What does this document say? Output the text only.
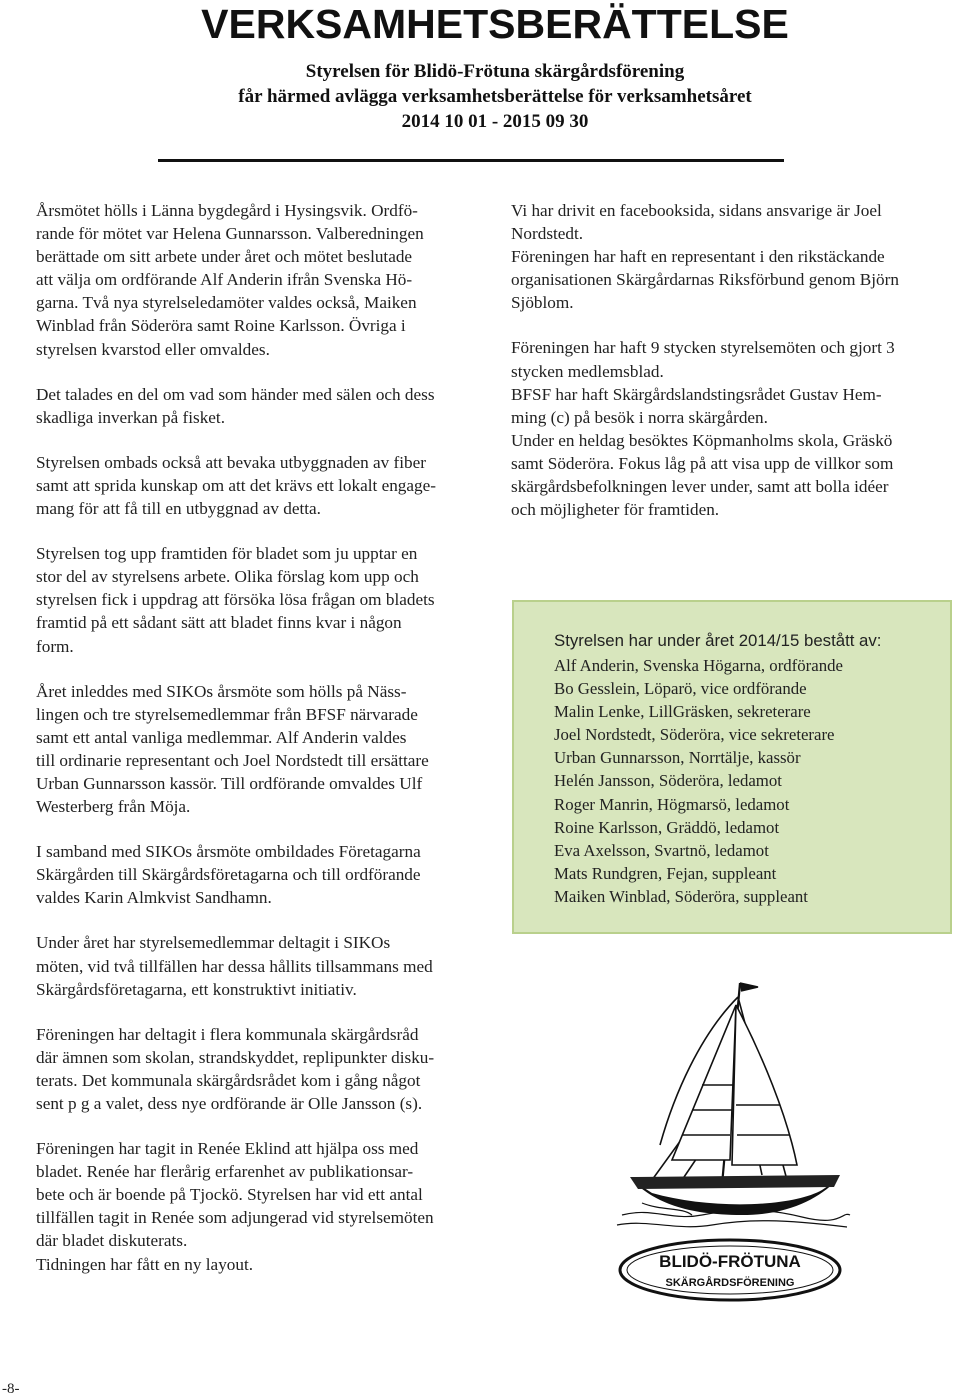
VERKSAMHETSBERÄTTELSE
Styrelsen för Blidö-Frötuna skärgårdsförening
får härmed avlägga verksamhetsberättelse för verksamhetsåret
2014 10 01 - 2015 09 30

Årsmötet hölls i Länna bygdegård i Hysingsvik. Ordfö-

rande för mötet var Helena Gunnarsson. Valberedningen

berättade om sitt arbete under året och mötet beslutade

att välja om ordförande Alf Anderin ifrån Svenska Hö-

garna. Två nya styrelseledamöter valdes också, Maiken

Winblad från Söderöra samt Roine Karlsson. Övriga i

styrelsen kvarstod eller omvaldes.

Det talades en del om vad som händer med sälen och dess

skadliga inverkan på fisket.

Styrelsen ombads också att bevaka utbyggnaden av fiber

samt att sprida kunskap om att det krävs ett lokalt engage-

mang för att få till en utbyggnad av detta.

Styrelsen tog upp framtiden för bladet som ju upptar en

stor del av styrelsens arbete. Olika förslag kom upp och

styrelsen fick i uppdrag att försöka lösa frågan om bladets

framtid på ett sådant sätt att bladet finns kvar i någon

form.

Året inleddes med SIKOs årsmöte som hölls på Näss-

lingen och tre styrelsemedlemmar från BFSF närvarade

samt ett antal vanliga medlemmar. Alf Anderin valdes

till ordinarie representant och Joel Nordstedt till ersättare

Urban Gunnarsson kassör. Till ordförande omvaldes Ulf

Westerberg från Möja.

I samband med SIKOs årsmöte ombildades Företagarna

Skärgården till Skärgårdsföretagarna och till ordförande

valdes Karin Almkvist Sandhamn.

Under året har styrelsemedlemmar deltagit i SIKOs

möten, vid två tillfällen har dessa hållits tillsammans med

Skärgårdsföretagarna, ett konstruktivt initiativ.

Föreningen har deltagit i flera kommunala skärgårdsråd

där ämnen som skolan, strandskyddet, replipunkter disku-

terats. Det kommunala skärgårdsrådet kom i gång något

sent p g a valet, dess nye ordförande är Olle Jansson (s).

Föreningen har tagit in Renée Eklind att hjälpa oss med

bladet. Renée har flerårig erfarenhet av publikationsar-

bete och är boende på Tjockö. Styrelsen har vid ett antal

tillfällen tagit in Renée som adjungerad vid styrelsemöten

där bladet diskuterats.

Tidningen har fått en ny layout.

Vi har drivit en facebooksida, sidans ansvarige är Joel

Nordstedt.

Föreningen har haft en representant i den rikstäckande

organisationen Skärgårdarnas Riksförbund genom Björn

Sjöblom.

Föreningen har haft 9 stycken styrelsemöten och gjort 3

stycken medlemsblad.

BFSF har haft Skärgårdslandstingsrådet Gustav Hem-

ming (c) på besök i norra skärgården.

Under en heldag besöktes Köpmanholms skola, Gräskö

samt Söderöra. Fokus låg på att visa upp de villkor som

skärgårdsbefolkningen lever under, samt att bolla idéer

och möjligheter för framtiden.

Styrelsen har under året 2014/15 bestått av:
Alf Anderin, Svenska Högarna, ordförande
Bo Gesslein, Löparö, vice ordförande
Malin Lenke, LillGräsken, sekreterare
Joel Nordstedt, Söderöra, vice sekreterare
Urban Gunnarsson, Norrtälje, kassör
Helén Jansson, Söderöra, ledamot
Roger Manrin, Högmarsö, ledamot
Roine Karlsson, Gräddö, ledamot
Eva Axelsson, Svartnö, ledamot
Mats Rundgren, Fejan, suppleant
Maiken Winblad, Söderöra, suppleant
BLIDÖ-FRÖTUNA
SKÄRGÅRDSFÖRENING
-8-
